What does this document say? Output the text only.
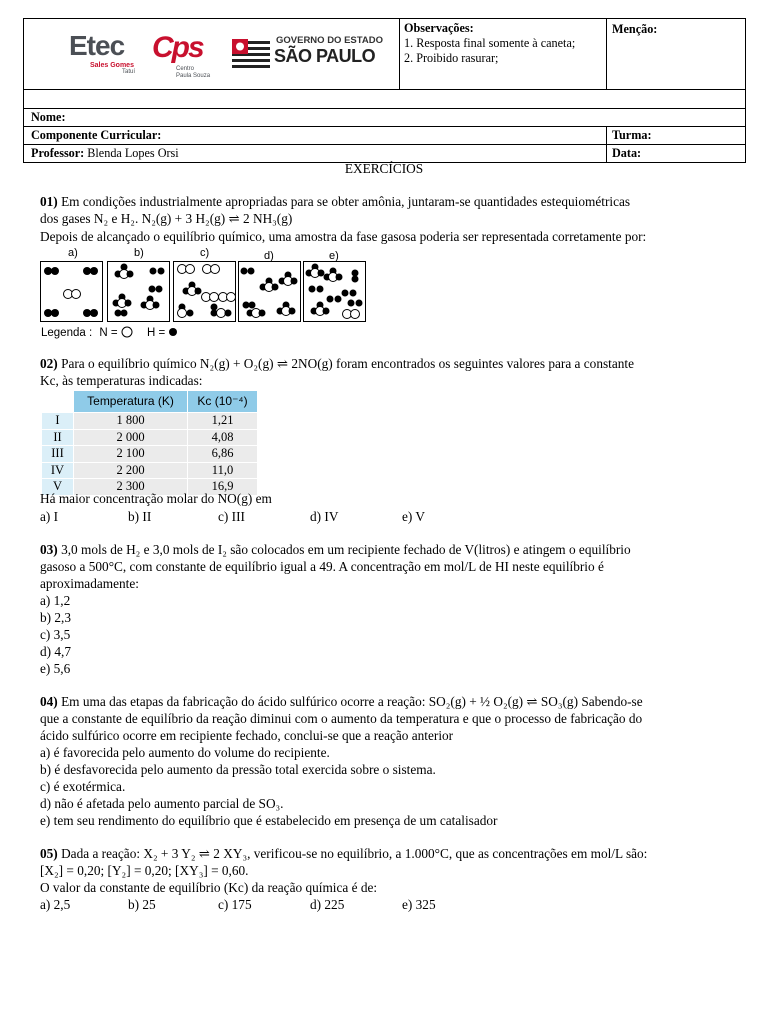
Etec
Sales Gomes
Tatuí
Cps
Centro
Paula Souza
GOVERNO DO ESTADO
SÃO PAULO
Observações:
1. Resposta final somente à caneta;
2. Proibido rasurar;
Menção:
Nome:
Componente Curricular:	Turma:
Professor: Blenda Lopes Orsi	Data:
EXERCÍCIOS
01) Em condições industrialmente apropriadas para se obter amônia, juntaram-se quantidades estequiométricas
dos gases N₂ e H₂. N₂(g) + 3 H₂(g) ⇌ 2 NH₃(g)
Depois de alcançado o equilíbrio químico, uma amostra da fase gasosa poderia ser representada corretamente por:
a)	b)	c)	d)	e)
Legenda : N =	H =
02) Para o equilíbrio químico N₂(g) + O₂(g) ⇌ 2NO(g) foram encontrados os seguintes valores para a constante
Kc, às temperaturas indicadas:
	Temperatura (K)	Kc (10⁻⁴)
I	1 800	1,21
II	2 000	4,08
III	2 100	6,86
IV	2 200	11,0
V	2 300	16,9
Há maior concentração molar do NO(g) em
a) I	b) II	c) III	d) IV	e) V
03) 3,0 mols de H₂ e 3,0 mols de I₂ são colocados em um recipiente fechado de V(litros) e atingem o equilíbrio
gasoso a 500°C, com constante de equilíbrio igual a 49. A concentração em mol/L de HI neste equilíbrio é
aproximadamente:
a) 1,2
b) 2,3
c) 3,5
d) 4,7
e) 5,6
04) Em uma das etapas da fabricação do ácido sulfúrico ocorre a reação: SO₂(g) + ½ O₂(g) ⇌ SO₃(g) Sabendo-se
que a constante de equilíbrio da reação diminui com o aumento da temperatura e que o processo de fabricação do
ácido sulfúrico ocorre em recipiente fechado, conclui-se que a reação anterior
a) é favorecida pelo aumento do volume do recipiente.
b) é desfavorecida pelo aumento da pressão total exercida sobre o sistema.
c) é exotérmica.
d) não é afetada pelo aumento parcial de SO₃.
e) tem seu rendimento do equilíbrio que é estabelecido em presença de um catalisador
05) Dada a reação: X₂ + 3 Y₂ ⇌ 2 XY₃, verificou-se no equilíbrio, a 1.000°C, que as concentrações em mol/L são:
[X₂] = 0,20; [Y₂] = 0,20; [XY₃] = 0,60.
O valor da constante de equilíbrio (Kc) da reação química é de:
a) 2,5	b) 25	c) 175	d) 225	e) 325
